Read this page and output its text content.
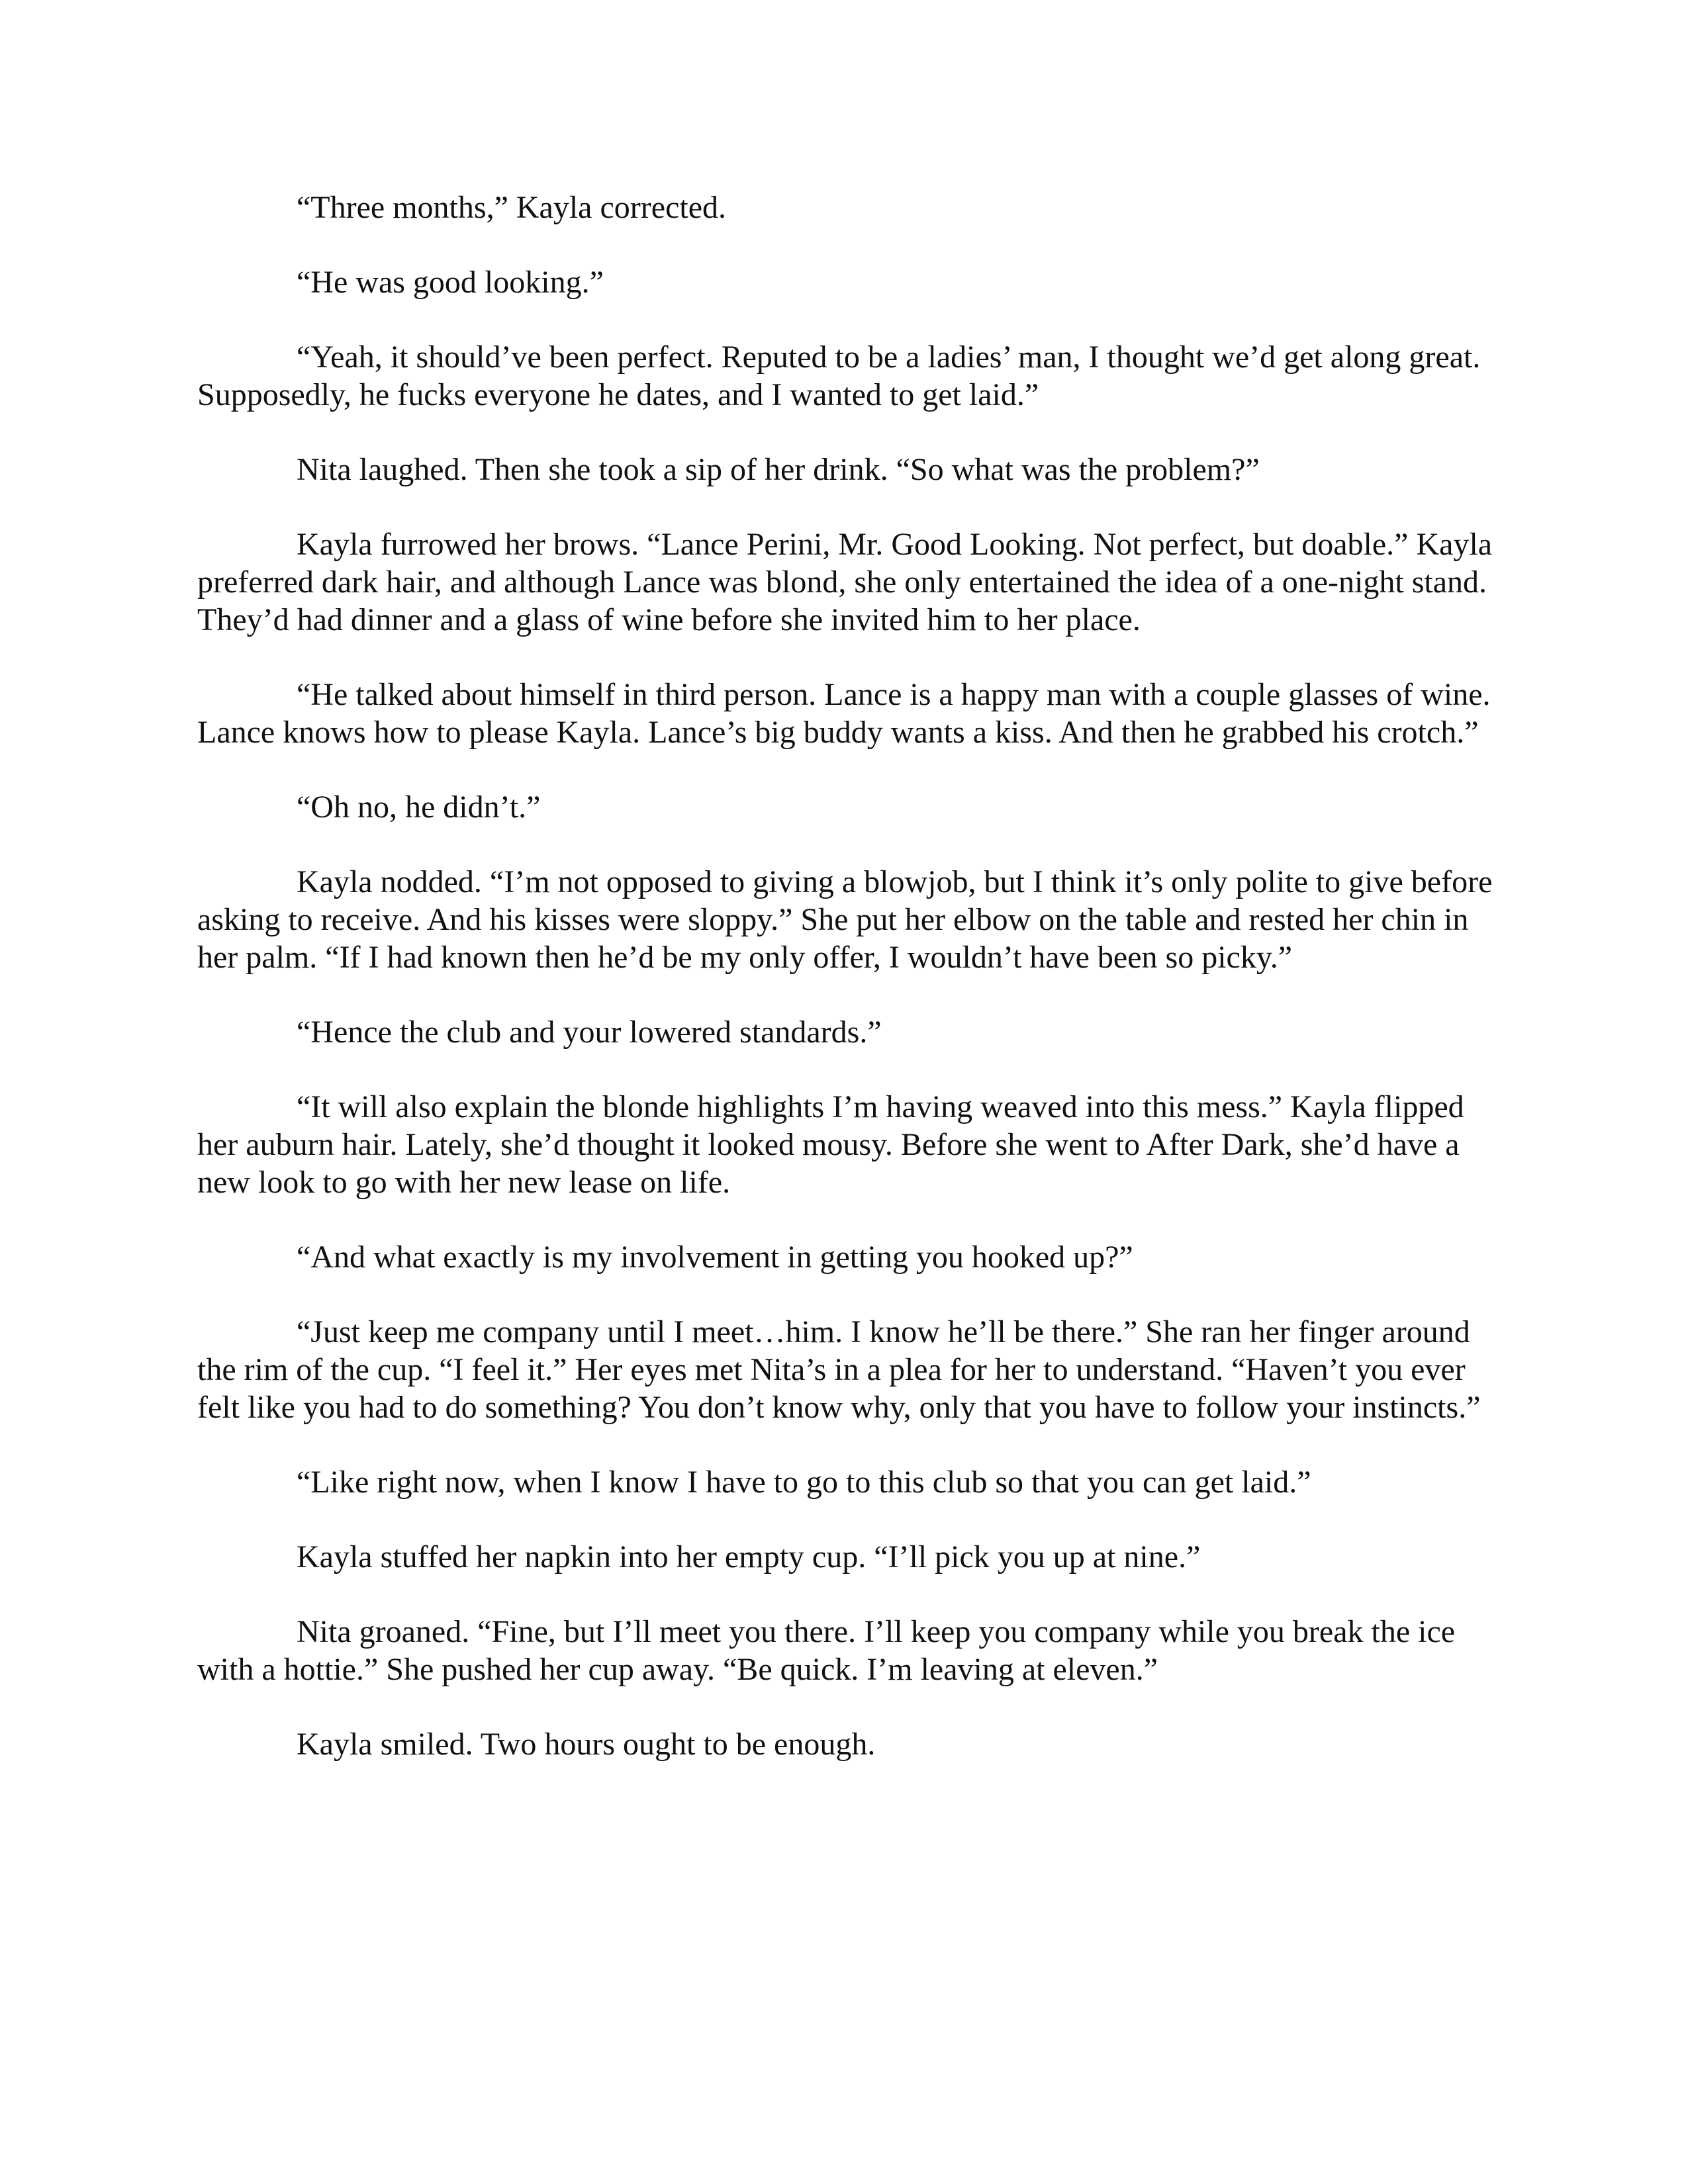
“Three months,” Kayla corrected.

“He was good looking.”

“Yeah, it should’ve been perfect. Reputed to be a ladies’ man, I thought we’d get along great. Supposedly, he fucks everyone he dates, and I wanted to get laid.”

Nita laughed. Then she took a sip of her drink. “So what was the problem?”

Kayla furrowed her brows. “Lance Perini, Mr. Good Looking. Not perfect, but doable.” Kayla preferred dark hair, and although Lance was blond, she only entertained the idea of a one-night stand. They’d had dinner and a glass of wine before she invited him to her place.

“He talked about himself in third person. Lance is a happy man with a couple glasses of wine. Lance knows how to please Kayla. Lance’s big buddy wants a kiss. And then he grabbed his crotch.”

“Oh no, he didn’t.”

Kayla nodded. “I’m not opposed to giving a blowjob, but I think it’s only polite to give before asking to receive. And his kisses were sloppy.” She put her elbow on the table and rested her chin in her palm. “If I had known then he’d be my only offer, I wouldn’t have been so picky.”

“Hence the club and your lowered standards.”

“It will also explain the blonde highlights I’m having weaved into this mess.” Kayla flipped her auburn hair. Lately, she’d thought it looked mousy. Before she went to After Dark, she’d have a new look to go with her new lease on life.

“And what exactly is my involvement in getting you hooked up?”

“Just keep me company until I meet…him. I know he’ll be there.” She ran her finger around the rim of the cup. “I feel it.” Her eyes met Nita’s in a plea for her to understand. “Haven’t you ever felt like you had to do something? You don’t know why, only that you have to follow your instincts.”

“Like right now, when I know I have to go to this club so that you can get laid.”

Kayla stuffed her napkin into her empty cup. “I’ll pick you up at nine.”

Nita groaned. “Fine, but I’ll meet you there. I’ll keep you company while you break the ice with a hottie.” She pushed her cup away. “Be quick. I’m leaving at eleven.”

Kayla smiled. Two hours ought to be enough.
